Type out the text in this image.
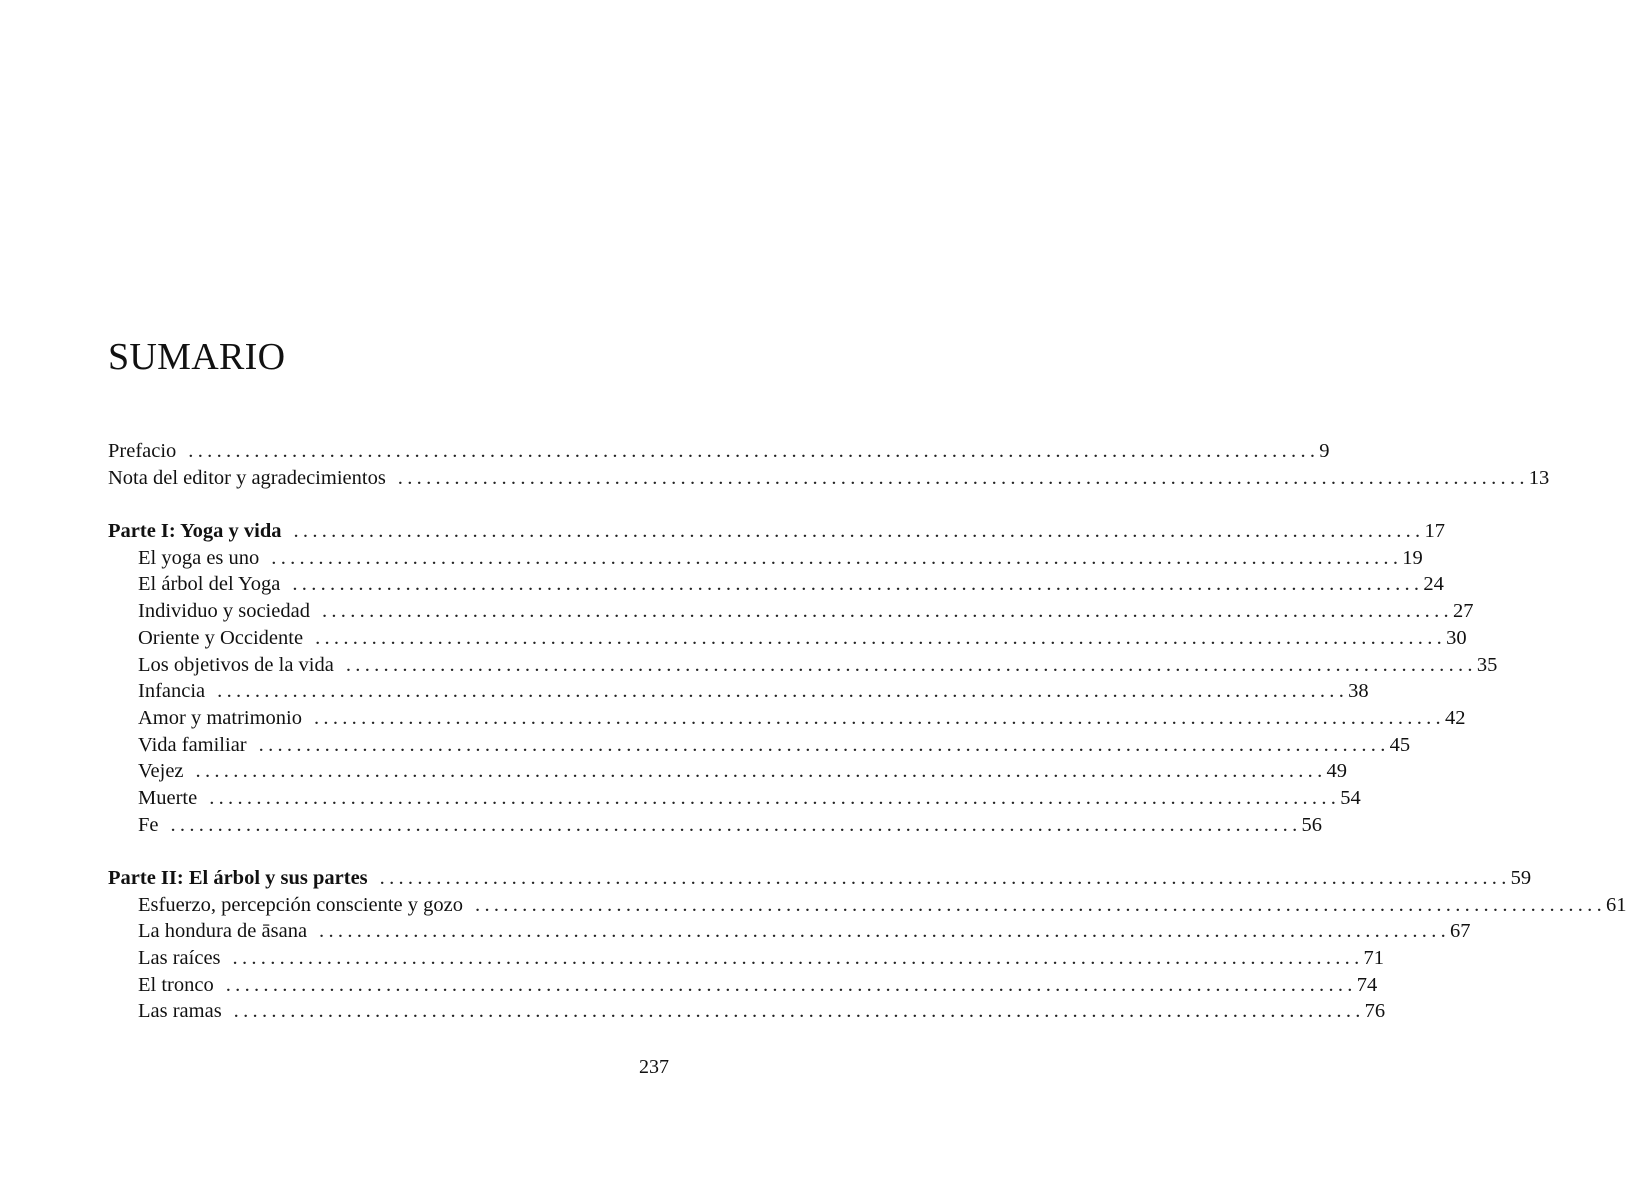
SUMARIO
Prefacio ........................................................................................................................ 9
Nota del editor y agradecimientos ........................................................................................................................ 13
Parte I: Yoga y vida ........................................................................................................................ 17
El yoga es uno ........................................................................................................................ 19
El árbol del Yoga ........................................................................................................................ 24
Individuo y sociedad ........................................................................................................................ 27
Oriente y Occidente ........................................................................................................................ 30
Los objetivos de la vida ........................................................................................................................ 35
Infancia ........................................................................................................................ 38
Amor y matrimonio ........................................................................................................................ 42
Vida familiar ........................................................................................................................ 45
Vejez ........................................................................................................................ 49
Muerte ........................................................................................................................ 54
Fe ........................................................................................................................ 56
Parte II: El árbol y sus partes ........................................................................................................................ 59
Esfuerzo, percepción consciente y gozo ........................................................................................................................ 61
La hondura de āsana ........................................................................................................................ 67
Las raíces ........................................................................................................................ 71
El tronco ........................................................................................................................ 74
Las ramas ........................................................................................................................ 76
237
